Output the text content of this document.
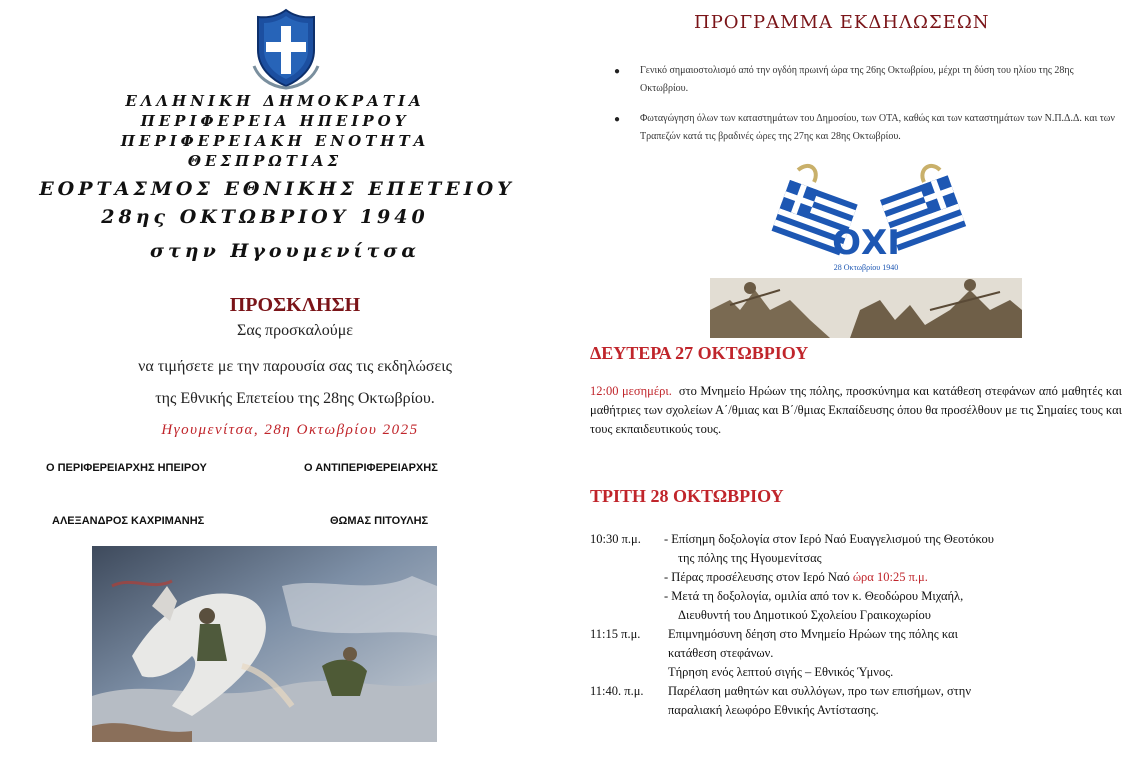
ΕΛΛΗΝΙΚΗ ΔΗΜΟΚΡΑΤΙΑ
ΠΕΡΙΦΕΡΕΙΑ ΗΠΕΙΡΟΥ
ΠΕΡΙΦΕΡΕΙΑΚΗ ΕΝΟΤΗΤΑ
ΘΕΣΠΡΩΤΙΑΣ
ΕΟΡΤΑΣΜΟΣ ΕΘΝΙΚΗΣ ΕΠΕΤΕΙΟΥ
28ης ΟΚΤΩΒΡΙΟΥ 1940
στην Ηγουμενίτσα
ΠΡΟΣΚΛΗΣΗ
Σας προσκαλούμε
να τιμήσετε με την παρουσία σας τις εκδηλώσεις
της Εθνικής Επετείου της 28ης Οκτωβρίου.
Ηγουμενίτσα, 28η Οκτωβρίου 2025
Ο ΠΕΡΙΦΕΡΕΙΑΡΧΗΣ ΗΠΕΙΡΟΥ	Ο ΑΝΤΙΠΕΡΙΦΕΡΕΙΑΡΧΗΣ
ΑΛΕΞΑΝΔΡΟΣ ΚΑΧΡΙΜΑΝΗΣ	ΘΩΜΑΣ ΠΙΤΟΥΛΗΣ
ΠΡΟΓΡΑΜΜΑ ΕΚΔΗΛΩΣΕΩΝ
● Γενικό σημαιοστολισμό από την ογδόη πρωινή ώρα της 26ης Οκτωβρίου, μέχρι τη δύση του ηλίου της 28ης Οκτωβρίου.
● Φωταγώγηση όλων των καταστημάτων του Δημοσίου, των ΟΤΑ, καθώς και των καταστημάτων των Ν.Π.Δ.Δ. και των Τραπεζών κατά τις βραδινές ώρες της 27ης και 28ης Οκτωβρίου.
ΟΧΙ
28 Οκτωβρίου 1940
ΔΕΥΤΕΡΑ 27 ΟΚΤΩΒΡΙΟΥ
12:00 μεσημέρι. στο Μνημείο Ηρώων της πόλης, προσκύνημα και κατάθεση στεφάνων από μαθητές και μαθήτριες των σχολείων Α΄/θμιας και Β΄/θμιας Εκπαίδευσης όπου θα προσέλθουν με τις Σημαίες τους και τους εκπαιδευτικούς τους.
ΤΡΙΤΗ 28 ΟΚΤΩΒΡΙΟΥ
10:30 π.μ. - Επίσημη δοξολογία στον Ιερό Ναό Ευαγγελισμού της Θεοτόκου
της πόλης της Ηγουμενίτσας
- Πέρας προσέλευσης στον Ιερό Ναό ώρα 10:25 π.μ.
- Μετά τη δοξολογία, ομιλία από τον κ. Θεοδώρου Μιχαήλ,
Διευθυντή του Δημοτικού Σχολείου Γραικοχωρίου
11:15 π.μ. Επιμνημόσυνη δέηση στο Μνημείο Ηρώων της πόλης και
κατάθεση στεφάνων.
Τήρηση ενός λεπτού σιγής – Εθνικός Ύμνος.
11:40. π.μ. Παρέλαση μαθητών και συλλόγων, προ των επισήμων, στην
παραλιακή λεωφόρο Εθνικής Αντίστασης.
